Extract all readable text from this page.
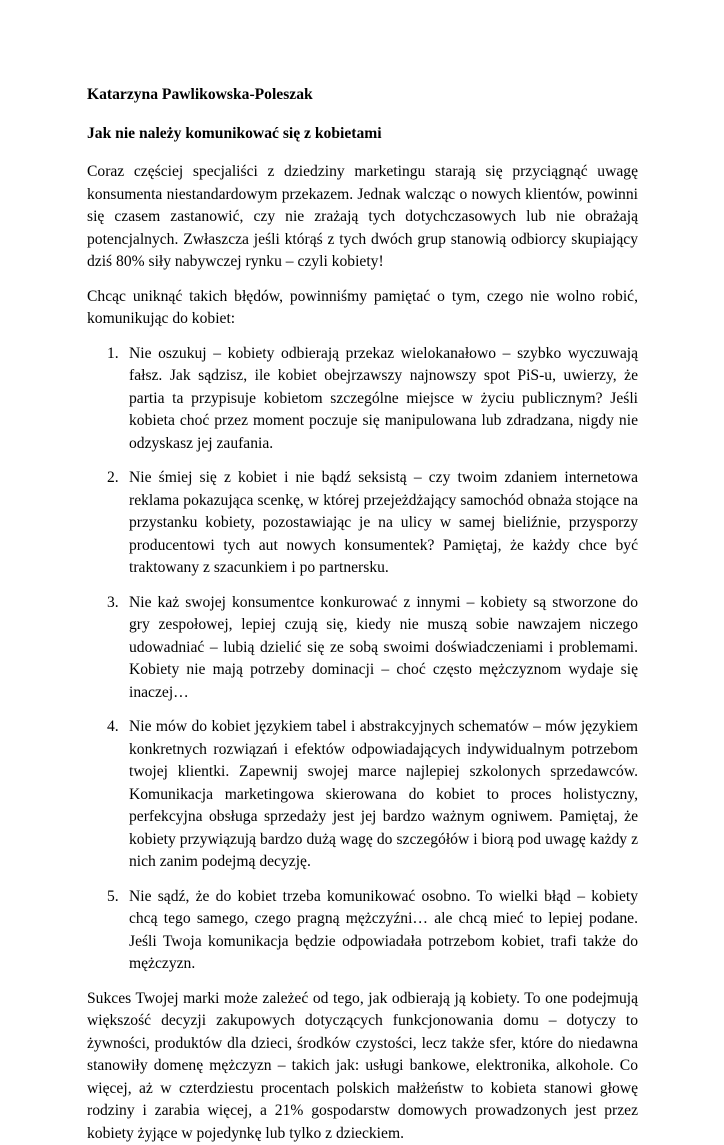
Katarzyna Pawlikowska-Poleszak
Jak nie należy komunikować się z kobietami

Coraz częściej specjaliści z dziedziny marketingu starają się przyciągnąć uwagę konsumenta niestandardowym przekazem. Jednak walcząc o nowych klientów, powinni się czasem zastanowić, czy nie zrażają tych dotychczasowych lub nie obrażają potencjalnych. Zwłaszcza jeśli którąś z tych dwóch grup stanowią odbiorcy skupiający dziś 80% siły nabywczej rynku – czyli kobiety!

Chcąc uniknąć takich błędów, powinniśmy pamiętać o tym, czego nie wolno robić, komunikując do kobiet:

1. Nie oszukuj – kobiety odbierają przekaz wielokanałowo – szybko wyczuwają fałsz. Jak sądzisz, ile kobiet obejrzawszy najnowszy spot PiS-u, uwierzy, że partia ta przypisuje kobietom szczególne miejsce w życiu publicznym? Jeśli kobieta choć przez moment poczuje się manipulowana lub zdradzana, nigdy nie odzyskasz jej zaufania.
2. Nie śmiej się z kobiet i nie bądź seksistą – czy twoim zdaniem internetowa reklama pokazująca scenkę, w której przejeżdżający samochód obnaża stojące na przystanku kobiety, pozostawiając je na ulicy w samej bieliźnie, przysporzy producentowi tych aut nowych konsumentek? Pamiętaj, że każdy chce być traktowany z szacunkiem i po partnersku.
3. Nie każ swojej konsumentce konkurować z innymi – kobiety są stworzone do gry zespołowej, lepiej czują się, kiedy nie muszą sobie nawzajem niczego udowadniać – lubią dzielić się ze sobą swoimi doświadczeniami i problemami. Kobiety nie mają potrzeby dominacji – choć często mężczyznom wydaje się inaczej…
4. Nie mów do kobiet językiem tabel i abstrakcyjnych schematów – mów językiem konkretnych rozwiązań i efektów odpowiadających indywidualnym potrzebom twojej klientki. Zapewnij swojej marce najlepiej szkolonych sprzedawców. Komunikacja marketingowa skierowana do kobiet to proces holistyczny, perfekcyjna obsługa sprzedaży jest jej bardzo ważnym ogniwem. Pamiętaj, że kobiety przywiązują bardzo dużą wagę do szczegółów i biorą pod uwagę każdy z nich zanim podejmą decyzję.
5. Nie sądź, że do kobiet trzeba komunikować osobno. To wielki błąd – kobiety chcą tego samego, czego pragną mężczyźni… ale chcą mieć to lepiej podane. Jeśli Twoja komunikacja będzie odpowiadała potrzebom kobiet, trafi także do mężczyzn.

Sukces Twojej marki może zależeć od tego, jak odbierają ją kobiety. To one podejmują większość decyzji zakupowych dotyczących funkcjonowania domu – dotyczy to żywności, produktów dla dzieci, środków czystości, lecz także sfer, które do niedawna stanowiły domenę mężczyzn – takich jak: usługi bankowe, elektronika, alkohole. Co więcej, aż w czterdziestu procentach polskich małżeństw to kobieta stanowi głowę rodziny i zarabia więcej, a 21% gospodarstw domowych prowadzonych jest przez kobiety żyjące w pojedynkę lub tylko z dzieckiem.
